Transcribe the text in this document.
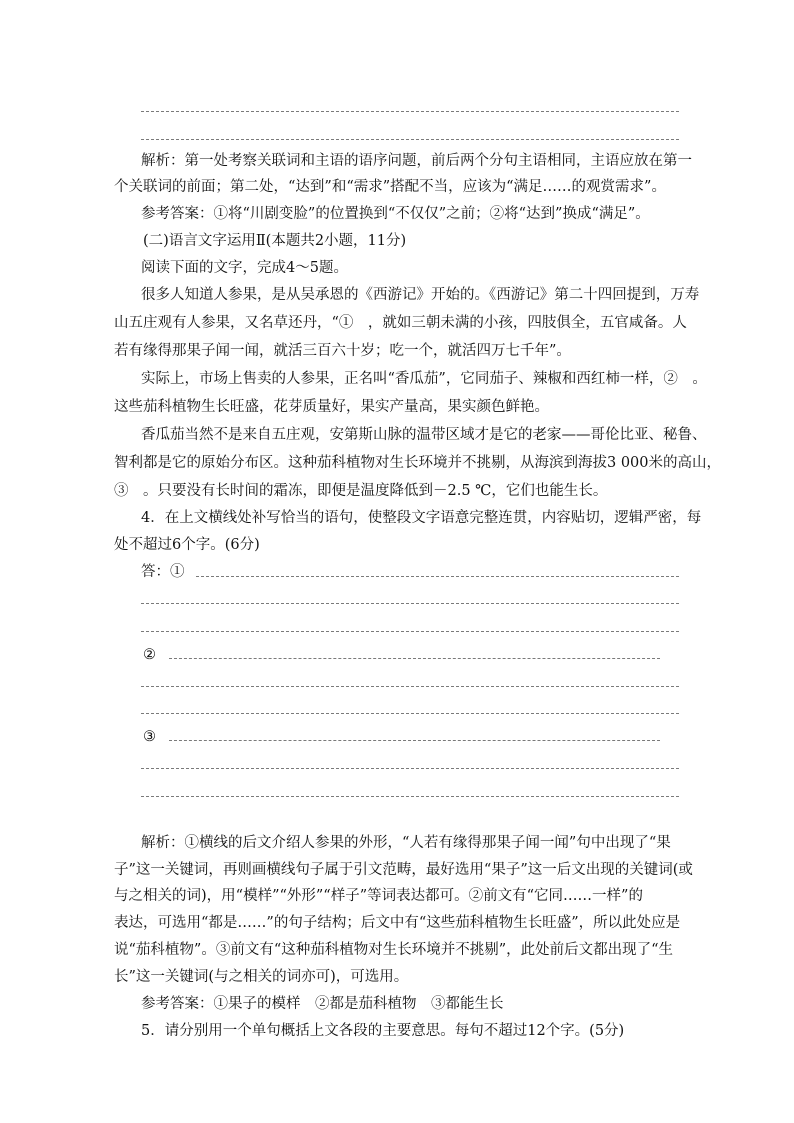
解析：第一处考察关联词和主语的语序问题，前后两个分句主语相同，主语应放在第一
个关联词的前面；第二处，“达到”和“需求”搭配不当，应该为“满足……的观赏需求”。
参考答案：①将“川剧变脸”的位置换到“不仅仅”之前；②将“达到”换成“满足”。
(二)语言文字运用Ⅱ(本题共2小题，11分)
阅读下面的文字，完成4～5题。
很多人知道人参果，是从吴承恩的《西游记》开始的。《西游记》第二十四回提到，万寿
山五庄观有人参果，又名草还丹，“①　，就如三朝未满的小孩，四肢俱全，五官咸备。人
若有缘得那果子闻一闻，就活三百六十岁；吃一个，就活四万七千年”。
实际上，市场上售卖的人参果，正名叫“香瓜茄”，它同茄子、辣椒和西红柿一样，②　。
这些茄科植物生长旺盛，花芽质量好，果实产量高，果实颜色鲜艳。
香瓜茄当然不是来自五庄观，安第斯山脉的温带区域才是它的老家——哥伦比亚、秘鲁、
智利都是它的原始分布区。这种茄科植物对生长环境并不挑剔，从海滨到海拔3 000米的高山，
③　。只要没有长时间的霜冻，即便是温度降低到－2.5 ℃，它们也能生长。
4．在上文横线处补写恰当的语句，使整段文字语意完整连贯，内容贴切，逻辑严密，每
处不超过6个字。(6分)
答：①
②
③
解析：①横线的后文介绍人参果的外形，“人若有缘得那果子闻一闻”句中出现了“果
子”这一关键词，再则画横线句子属于引文范畴，最好选用“果子”这一后文出现的关键词(或
与之相关的词)，用“模样”“外形”“样子”等词表达都可。②前文有“它同……一样”的
表达，可选用“都是……”的句子结构；后文中有“这些茄科植物生长旺盛”，所以此处应是
说“茄科植物”。③前文有“这种茄科植物对生长环境并不挑剔”，此处前后文都出现了“生
长”这一关键词(与之相关的词亦可)，可选用。
参考答案：①果子的模样　②都是茄科植物　③都能生长
5．请分别用一个单句概括上文各段的主要意思。每句不超过12个字。(5分)
